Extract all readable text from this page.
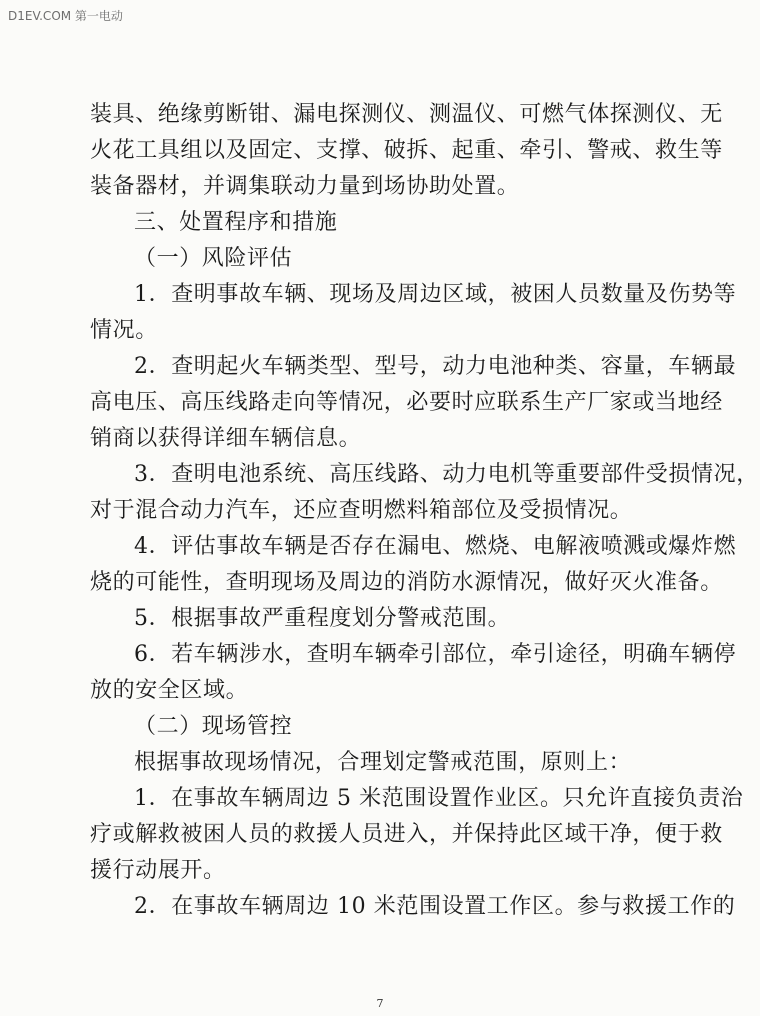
D1EV.COM 第一电动

装具、绝缘剪断钳、漏电探测仪、测温仪、可燃气体探测仪、无

火花工具组以及固定、支撑、破拆、起重、牵引、警戒、救生等

装备器材，并调集联动力量到场协助处置。

三、处置程序和措施

（一）风险评估

1．查明事故车辆、现场及周边区域，被困人员数量及伤势等

情况。

2．查明起火车辆类型、型号，动力电池种类、容量，车辆最

高电压、高压线路走向等情况，必要时应联系生产厂家或当地经

销商以获得详细车辆信息。

3．查明电池系统、高压线路、动力电机等重要部件受损情况，

对于混合动力汽车，还应查明燃料箱部位及受损情况。

4．评估事故车辆是否存在漏电、燃烧、电解液喷溅或爆炸燃

烧的可能性，查明现场及周边的消防水源情况，做好灭火准备。

5．根据事故严重程度划分警戒范围。

6．若车辆涉水，查明车辆牵引部位，牵引途径，明确车辆停

放的安全区域。

（二）现场管控

根据事故现场情况，合理划定警戒范围，原则上：

1．在事故车辆周边 5 米范围设置作业区。只允许直接负责治

疗或解救被困人员的救援人员进入，并保持此区域干净，便于救

援行动展开。

2．在事故车辆周边 10 米范围设置工作区。参与救援工作的

7
